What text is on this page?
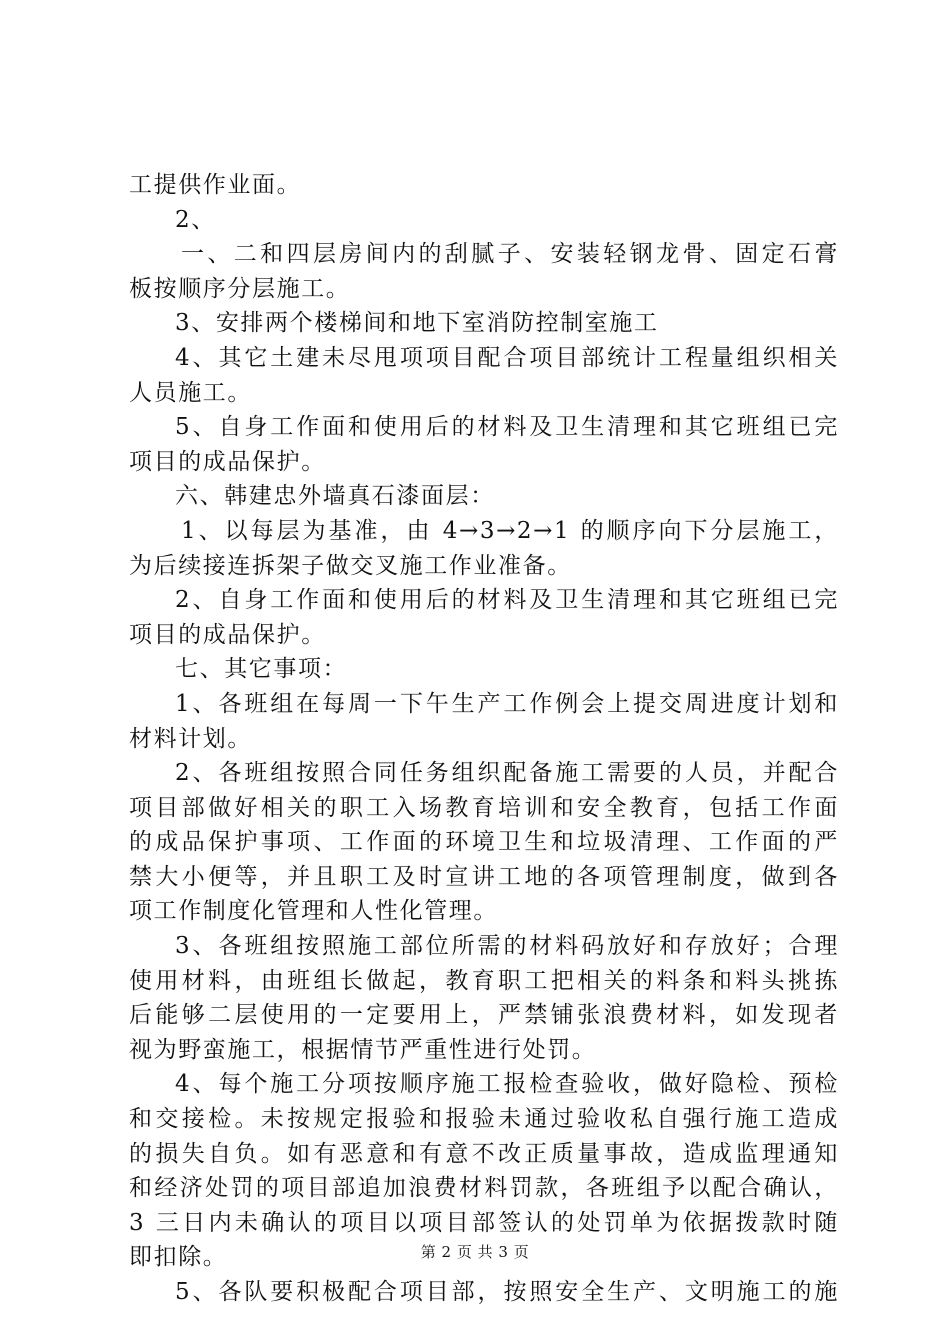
工提供作业面。
2、
一、二和四层房间内的刮腻子、安装轻钢龙骨、固定石膏
板按顺序分层施工。
3、安排两个楼梯间和地下室消防控制室施工
4、其它土建未尽甩项项目配合项目部统计工程量组织相关
人员施工。
5、自身工作面和使用后的材料及卫生清理和其它班组已完
项目的成品保护。
六、韩建忠外墙真石漆面层：
1、以每层为基准，由 4→3→2→1 的顺序向下分层施工，
为后续接连拆架子做交叉施工作业准备。
2、自身工作面和使用后的材料及卫生清理和其它班组已完
项目的成品保护。
七、其它事项：
1、各班组在每周一下午生产工作例会上提交周进度计划和
材料计划。
2、各班组按照合同任务组织配备施工需要的人员，并配合
项目部做好相关的职工入场教育培训和安全教育，包括工作面
的成品保护事项、工作面的环境卫生和垃圾清理、工作面的严
禁大小便等，并且职工及时宣讲工地的各项管理制度，做到各
项工作制度化管理和人性化管理。
3、各班组按照施工部位所需的材料码放好和存放好；合理
使用材料，由班组长做起，教育职工把相关的料条和料头挑拣
后能够二层使用的一定要用上，严禁铺张浪费材料，如发现者
视为野蛮施工，根据情节严重性进行处罚。
4、每个施工分项按顺序施工报检查验收，做好隐检、预检
和交接检。未按规定报验和报验未通过验收私自强行施工造成
的损失自负。如有恶意和有意不改正质量事故，造成监理通知
和经济处罚的项目部追加浪费材料罚款，各班组予以配合确认，
3 三日内未确认的项目以项目部签认的处罚单为依据拨款时随
即扣除。
5、各队要积极配合项目部，按照安全生产、文明施工的施
第 2 页 共 3 页
